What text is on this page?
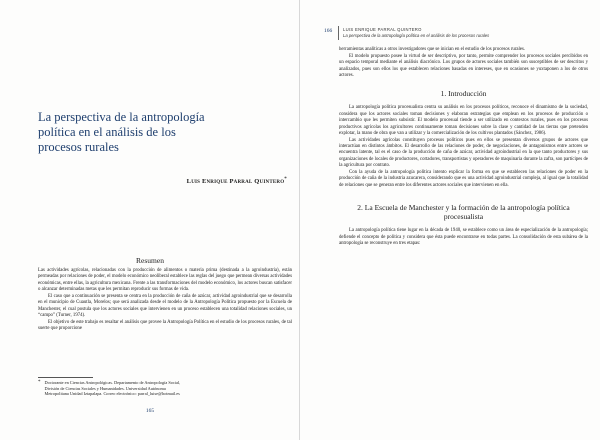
La perspectiva de la antropología política en el análisis de los procesos rurales
Luis Enrique Parral Quintero*
Resumen

Las actividades agrícolas, relacionadas con la producción de alimentos o materia prima (destinada a la agroindustria), están permeadas por relaciones de poder, el modelo económico neoliberal establece las reglas del juego que permean diversas actividades económicas, entre ellas, la agricultura mexicana. Frente a las transformaciones del modelo económico, los actores buscan satisfacer o alcanzar determinadas metas que les permitan reproducir sus formas de vida.

El caso que a continuación se presenta se centra en la producción de caña de azúcar, actividad agroindustrial que se desarrolla en el municipio de Cuautla, Morelos; que será analizada desde el modelo de la Antropología Política propuesto por la Escuela de Manchester, el cual postula que los actores sociales que intervienen en un proceso establecen una totalidad relaciones sociales, un “campo” (Turner, 1974).

El objetivo de este trabajo es resaltar el análisis que provee la Antropología Política en el estudio de los procesos rurales, de tal suerte que proporcione

* Doctorante en Ciencias Antropológicas. Departamento de Antropología Social, División de Ciencias Sociales y Humanidades. Universidad Autónoma Metropolitana Unidad Iztapalapa. Correo electrónico: parral_luise@hotmail.es
165
166	LUIS ENRIQUE PARRAL QUINTERO
La perspectiva de la antropología política en el análisis de los procesos rurales

herramientas analíticas a otros investigadores que se inician en el estudio de los procesos rurales.

El modelo propuesto posee la virtud de ser descriptivo, por tanto, permite comprender los procesos sociales percibidos en un espacio temporal mediante el análisis diacrónico. Los grupos de actores sociales también son susceptibles de ser descritos y analizados, pues son ellos los que establecen relaciones basadas en intereses, que en ocasiones se yuxtaponen a los de otros actores.

1. Introducción

La antropología política procesualista centra su análisis en los procesos políticos, reconoce el dinamismo de la sociedad, considera que los actores sociales toman decisiones y elaboran estrategias que emplean en los procesos de producción o intercambio que les permiten subsistir. El modelo procesual tiende a ser utilizado en contextos rurales, pues en los procesos productivos agrícolas los agricultores continuamente toman decisiones sobre la clase y cantidad de las tierras que pretenden explotar, la mano de obra que van a utilizar y la comercialización de los cultivos plantados (Sánchez, 1986).

Las actividades agrícolas constituyen procesos políticos pues en ellos se presentan diversos grupos de actores que interactúan en distintos ámbitos. El desarrollo de las relaciones de poder, de negociaciones, de antagonismos entre actores se encuentra latente, tal es el caso de la producción de caña de azúcar, actividad agroindustrial en la que tanto productores y sus organizaciones de locales de productores, cortadores, transportistas y operadores de maquinaria durante la zafra, son partícipes de la agricultura por contrato.

Con la ayuda de la antropología política intento explicar la forma en que se establecen las relaciones de poder en la producción de caña de la industria azucarera, considerando que es una actividad agroindustrial compleja, al igual que la totalidad de relaciones que se generan entre los diferentes actores sociales que intervienen en ella.

2. La Escuela de Manchester y la formación de la antropología política procesualista

La antropología política tiene lugar en la década de 1940, se establece como un área de especialización de la antropología; defiende el concepto de política y considera que ésta puede encontrarse en todas partes. La consolidación de esta subárea de la antropología se reconstruye en tres etapas:
